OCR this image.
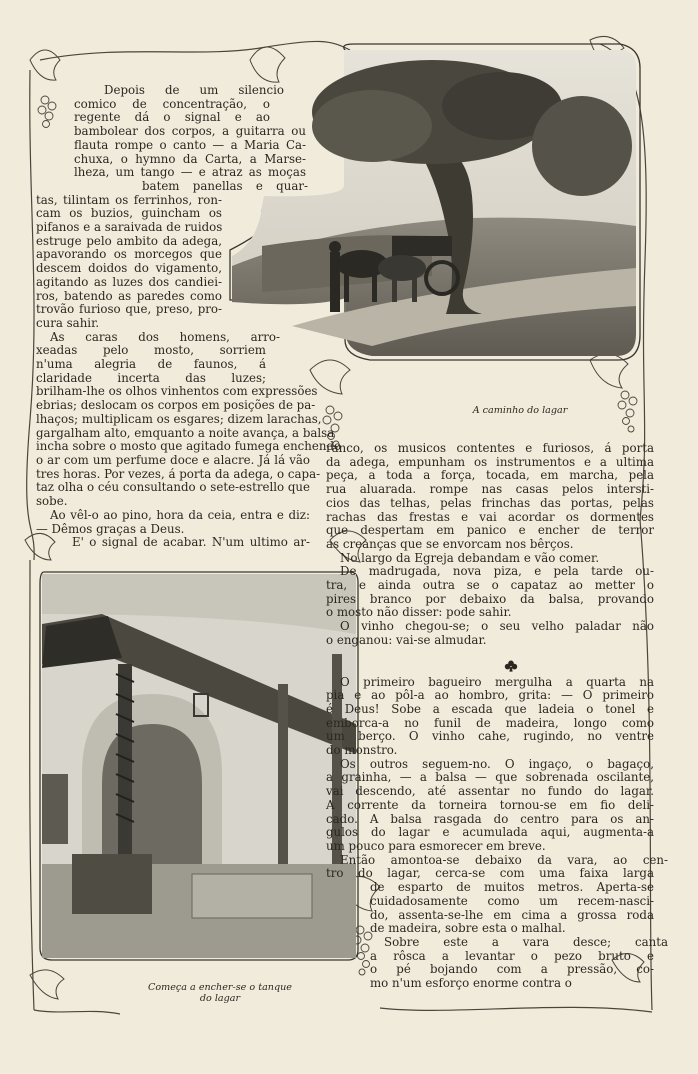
A caminho do lagar
Começa a encher-se o tanque
do lagar
Depois de um silencio
comico de concentração, o
regente dá o signal e ao
bambolear dos corpos, a guitarra ou
flauta rompe o canto — a Maria Ca-
chuxa, o hymno da Carta, a Marse-
lheza, um tango — e atraz as moças
batem panellas e quar-
tas, tilintam os ferrinhos, ron-
cam os buzios, guincham os
pifanos e a saraivada de ruidos
estruge pelo ambito da adega,
apavorando os morcegos que
descem doidos do vigamento,
agitando as luzes dos candiei-
ros, batendo as paredes como
trovão furioso que, preso, pro-
cura sahir.
As caras dos homens, arro-
xeadas pelo mosto, sorriem
n'uma alegria de faunos, á
claridade incerta das luzes;
brilham-lhe os olhos vinhentos com expressões
ebrias; deslocam os corpos em posições de pa-
lhaços; multiplicam os esgares; dizem larachas,
gargalham alto, emquanto a noite avança, a balsa
incha sobre o mosto que agitado fumega enchendo
o ar com um perfume doce e alacre. Já lá vão
tres horas. Por vezes, á porta da adega, o capa-
taz olha o céu consultando o sete-estrello que
sobe.
Ao vêl-o ao pino, hora da ceia, entra e diz:
— Dêmos graças a Deus.
E' o signal de acabar. N'um ultimo ar-
ranco, os musicos contentes e furiosos, á porta
da adega, empunham os instrumentos e a ultima
peça, a toda a força, tocada, em marcha, pela
rua aluarada. rompe nas casas pelos intersti-
cios das telhas, pelas frinchas das portas, pelas
rachas das frestas e vai acordar os dormentes
que despertam em panico e encher de terror
as creanças que se envorcam nos bêrços.
No largo da Egreja debandam e vão comer.
De madrugada, nova piza, e pela tarde ou-
tra, e ainda outra se o capataz ao metter o
pires branco por debaixo da balsa, provando
o mosto não disser: pode sahir.
O vinho chegou-se; o seu velho paladar não
o enganou: vai-se almudar.
O primeiro bagueiro mergulha a quarta na
pia e ao pôl-a ao hombro, grita: — O primeiro
é Deus! Sobe a escada que ladeia o tonel e
emborca-a no funil de madeira, longo como
um berço. O vinho cahe, rugindo, no ventre
do monstro.
Os outros seguem-no. O ingaço, o bagaço,
a grainha, — a balsa — que sobrenada oscilante,
vai descendo, até assentar no fundo do lagar.
A corrente da torneira tornou-se em fio deli-
cado. A balsa rasgada do centro para os an-
gulos do lagar e acumulada aqui, augmenta-a
um pouco para esmorecer em breve.
Então amontoa-se debaixo da vara, ao cen-
tro do lagar, cerca-se com uma faixa larga
de esparto de muitos metros. Aperta-se
cuidadosamente como um recem-nasci-
do, assenta-se-lhe em cima a grossa roda
de madeira, sobre esta o malhal.
Sobre este a vara desce; canta
a rôsca a levantar o pezo bruto e
o pé bojando com a pressão, co-
mo n'um esforço enorme contra o
